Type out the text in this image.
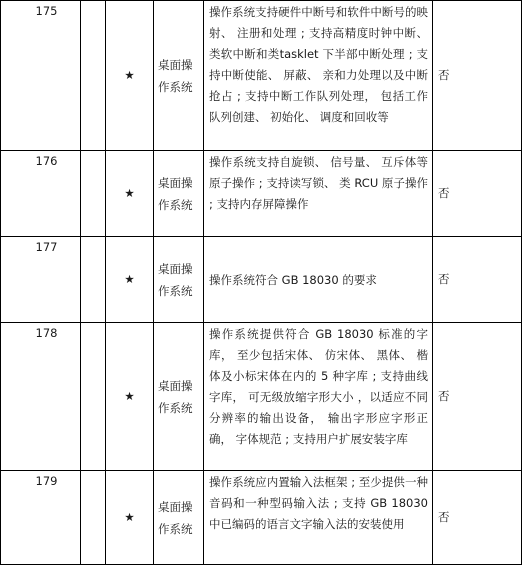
175		★	桌面操作系统	操作系统支持硬件中断号和软件中断号的映射、 注册和处理 ; 支持高精度时钟中断、 类软中断和类tasklet 下半部中断处理 ; 支持中断使能、 屏蔽、 亲和力处理以及中断抢占 ; 支持中断工作队列处理， 包括工作队列创建、 初始化、 调度和回收等	否

176		★	桌面操作系统	操作系统支持自旋锁、 信号量、 互斥体等原子操作 ; 支持读写锁、 类 RCU 原子操作 ; 支持内存屏障操作	否

177		★	桌面操作系统	操作系统符合 GB 18030 的要求	否

178		★	桌面操作系统	操作系统提供符合 GB 18030 标准的字库， 至少包括宋体、 仿宋体、 黑体、 楷体及小标宋体在内的 5 种字库 ; 支持曲线字库， 可无级放缩字形大小 ，以适应不同分辨率的输出设备， 输出字形应字形正确， 字体规范 ; 支持用户扩展安装字库	否

179		★	桌面操作系统	操作系统应内置输入法框架 ; 至少提供一种音码和一种型码输入法 ; 支持 GB 18030 中已编码的语言文字输入法的安装使用	否
